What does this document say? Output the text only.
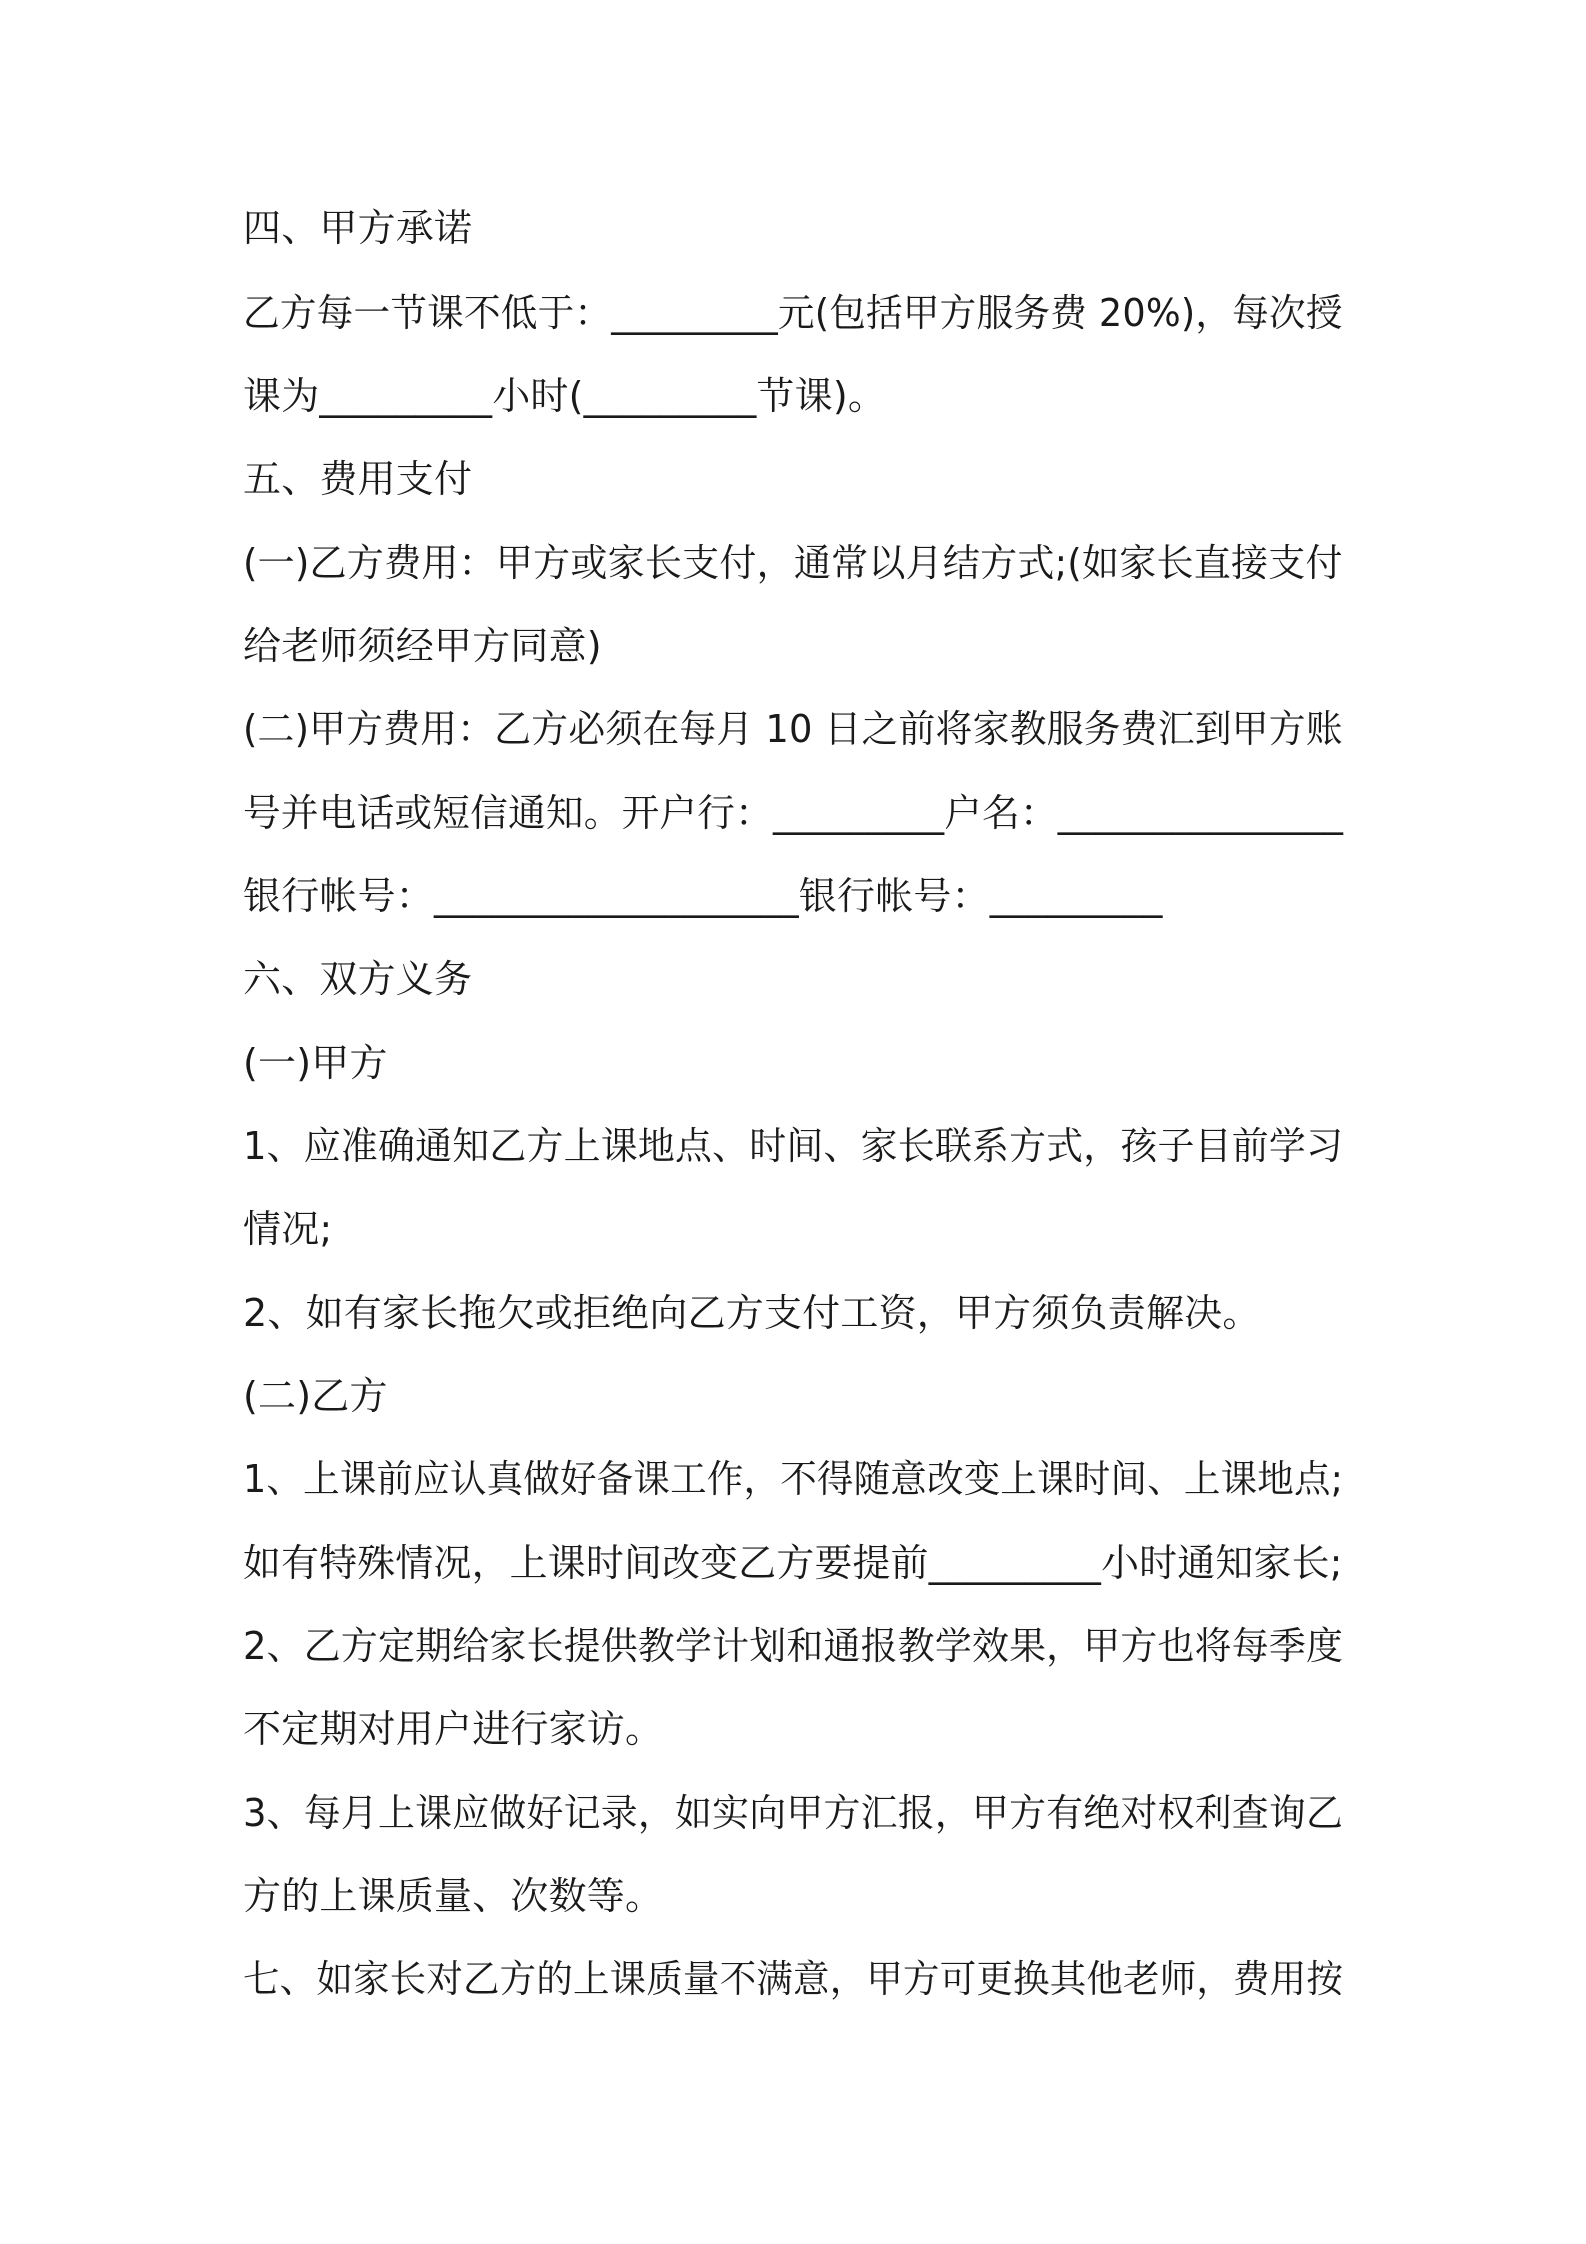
四、甲方承诺

乙方每一节课不低于：_________元(包括甲方服务费 20%)，每次授

课为_________小时(_________节课)。

五、费用支付

(一)乙方费用：甲方或家长支付，通常以月结方式;(如家长直接支付

给老师须经甲方同意)

(二)甲方费用：乙方必须在每月 10 日之前将家教服务费汇到甲方账

号并电话或短信通知。开户行：_________户名：_______________

银行帐号：___________________银行帐号：_________

六、双方义务

(一)甲方

1、应准确通知乙方上课地点、时间、家长联系方式，孩子目前学习

情况;

2、如有家长拖欠或拒绝向乙方支付工资，甲方须负责解决。

(二)乙方

1、上课前应认真做好备课工作，不得随意改变上课时间、上课地点;

如有特殊情况，上课时间改变乙方要提前_________小时通知家长;

2、乙方定期给家长提供教学计划和通报教学效果，甲方也将每季度

不定期对用户进行家访。

3、每月上课应做好记录，如实向甲方汇报，甲方有绝对权利查询乙

方的上课质量、次数等。

七、如家长对乙方的上课质量不满意，甲方可更换其他老师，费用按
